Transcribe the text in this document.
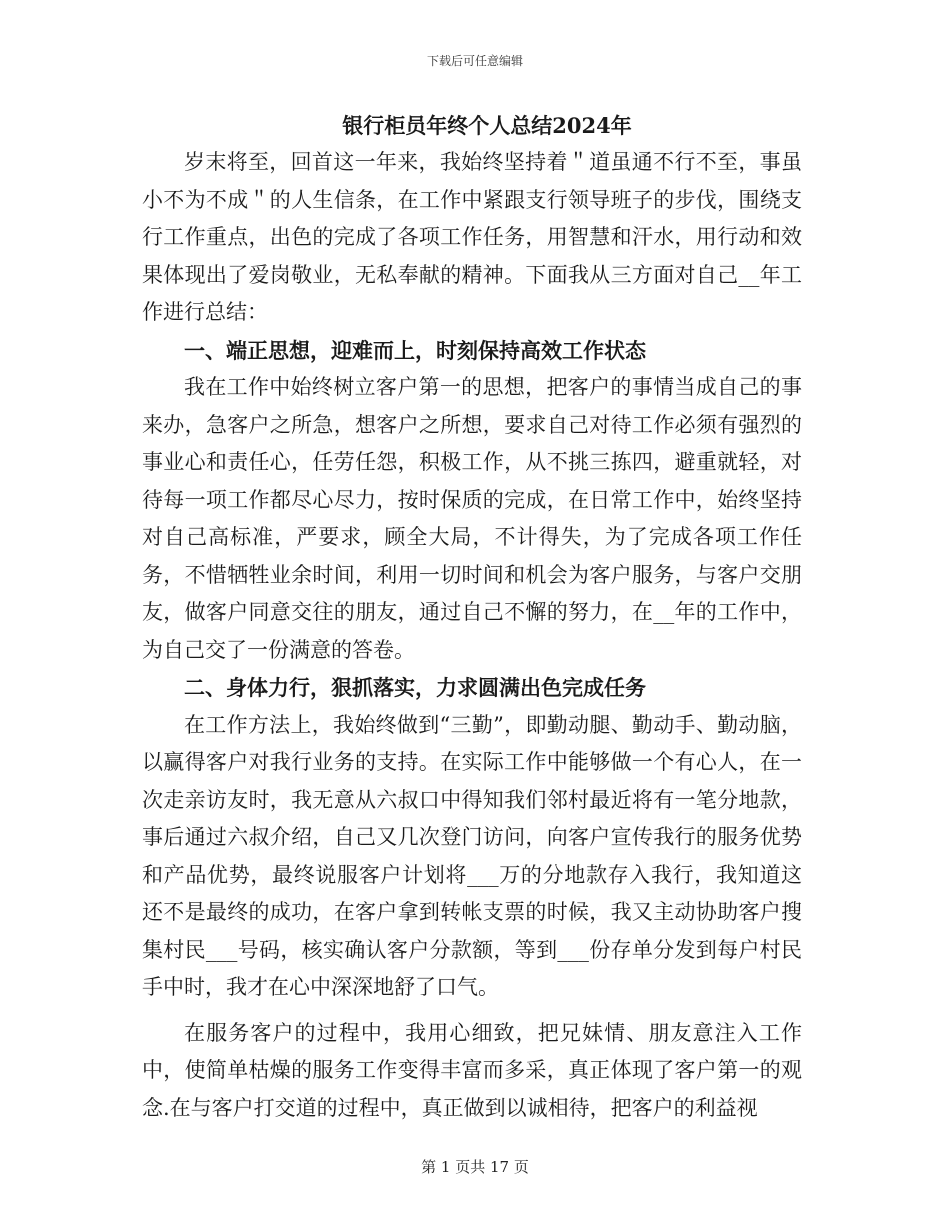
下载后可任意编辑
银行柜员年终个人总结2024年

岁末将至，回首这一年来，我始终坚持着＂道虽通不行不至，事虽小不为不成＂的人生信条，在工作中紧跟支行领导班子的步伐，围绕支行工作重点，出色的完成了各项工作任务，用智慧和汗水，用行动和效果体现出了爱岗敬业，无私奉献的精神。下面我从三方面对自己__年工作进行总结：

一、端正思想，迎难而上，时刻保持高效工作状态

我在工作中始终树立客户第一的思想，把客户的事情当成自己的事来办，急客户之所急，想客户之所想，要求自己对待工作必须有强烈的事业心和责任心，任劳任怨，积极工作，从不挑三拣四，避重就轻，对待每一项工作都尽心尽力，按时保质的完成，在日常工作中，始终坚持对自己高标准，严要求，顾全大局，不计得失，为了完成各项工作任务，不惜牺牲业余时间，利用一切时间和机会为客户服务，与客户交朋友，做客户同意交往的朋友，通过自己不懈的努力，在__年的工作中，为自己交了一份满意的答卷。

二、身体力行，狠抓落实，力求圆满出色完成任务

在工作方法上，我始终做到“三勤”，即勤动腿、勤动手、勤动脑，以赢得客户对我行业务的支持。在实际工作中能够做一个有心人，在一次走亲访友时，我无意从六叔口中得知我们邻村最近将有一笔分地款，事后通过六叔介绍，自己又几次登门访问，向客户宣传我行的服务优势和产品优势，最终说服客户计划将___万的分地款存入我行，我知道这还不是最终的成功，在客户拿到转帐支票的时候，我又主动协助客户搜集村民___号码，核实确认客户分款额，等到___份存单分发到每户村民手中时，我才在心中深深地舒了口气。

在服务客户的过程中，我用心细致，把兄妹情、朋友意注入工作中，使简单枯燥的服务工作变得丰富而多采，真正体现了客户第一的观念.在与客户打交道的过程中，真正做到以诚相待，把客户的利益视

第 1 页共 17 页
